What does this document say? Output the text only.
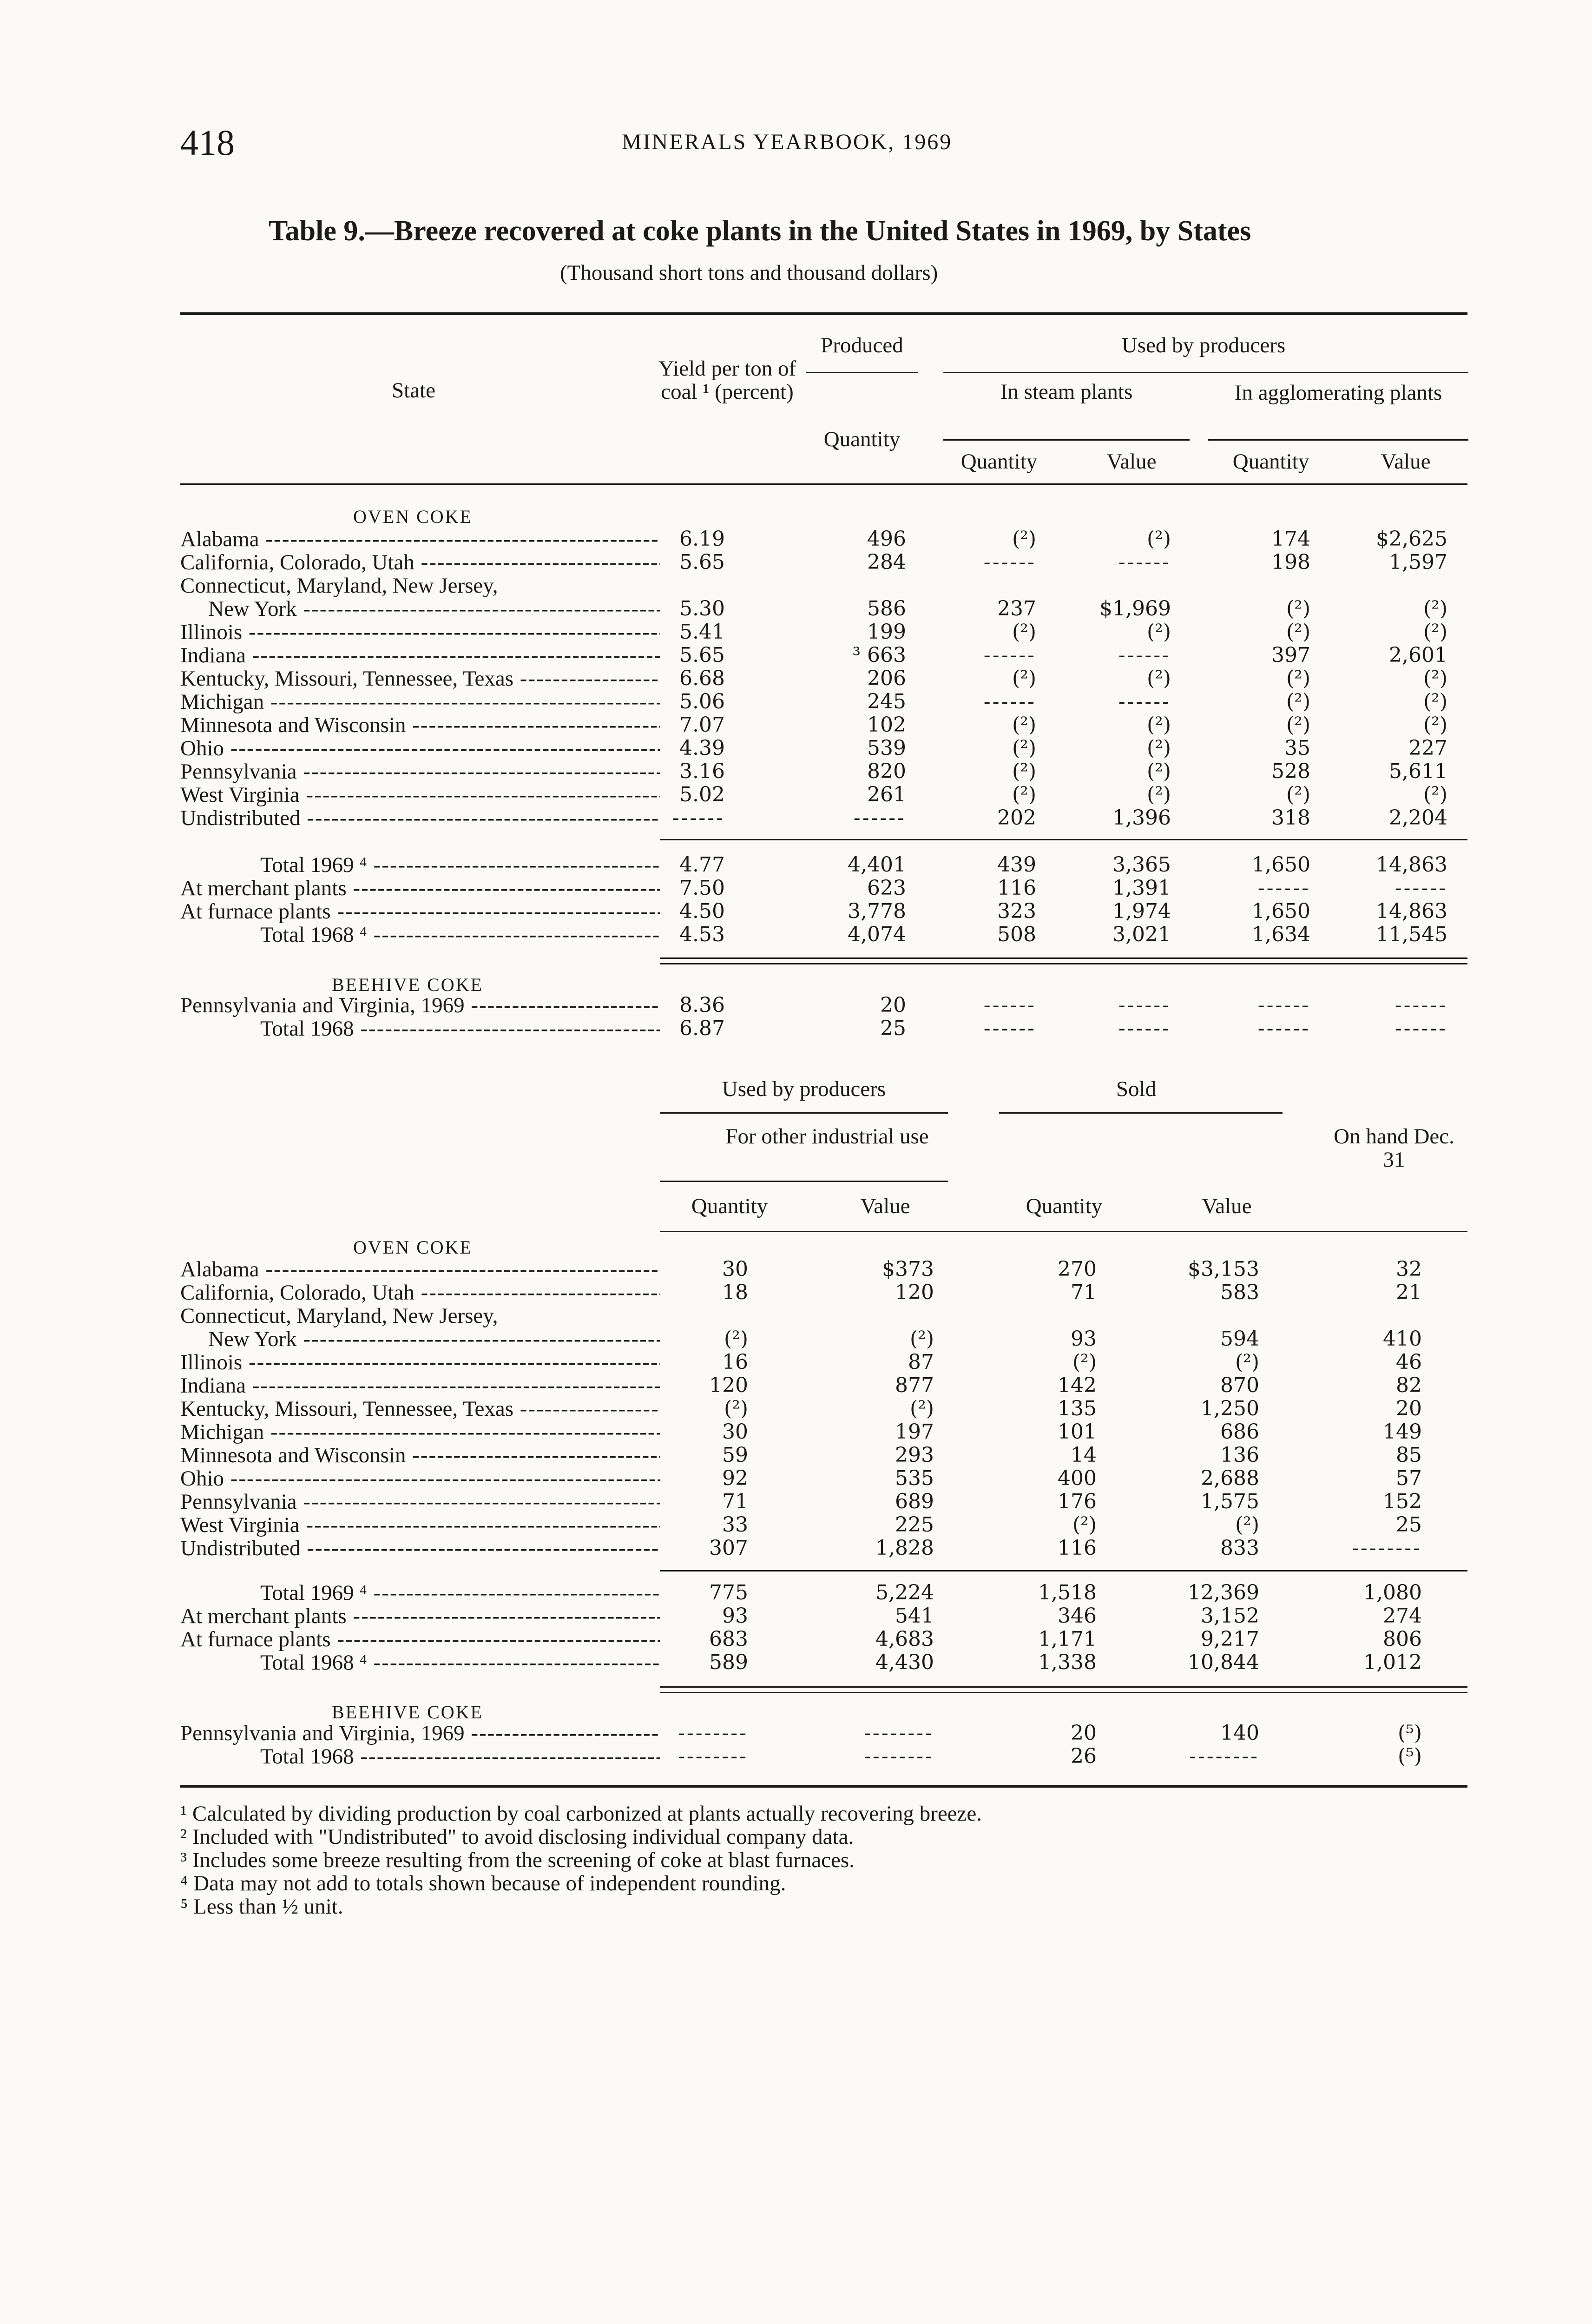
418	MINERALS YEARBOOK, 1969
Table 9.—Breeze recovered at coke plants in the United States in 1969, by States
(Thousand short tons and thousand dollars)
State
Yield per ton of coal ¹ (percent)
Produced
Quantity
Used by producers
In steam plants	In agglomerating plants
Quantity	Value	Quantity	Value
OVEN COKE
Alabama -----	6.19	496	(²)	(²)	174	$2,625
California, Colorado, Utah -----	5.65	284	------	------	198	1,597
Connecticut, Maryland, New Jersey,
New York -----	5.30	586	237	$1,969	(²)	(²)
Illinois -----	5.41	199	(²)	(²)	(²)	(²)
Indiana -----	5.65	³ 663	------	------	397	2,601
Kentucky, Missouri, Tennessee, Texas -----	6.68	206	(²)	(²)	(²)	(²)
Michigan -----	5.06	245	------	------	(²)	(²)
Minnesota and Wisconsin -----	7.07	102	(²)	(²)	(²)	(²)
Ohio -----	4.39	539	(²)	(²)	35	227
Pennsylvania -----	3.16	820	(²)	(²)	528	5,611
West Virginia -----	5.02	261	(²)	(²)	(²)	(²)
Undistributed -----	------	------	202	1,396	318	2,204
Total 1969 ⁴ -----	4.77	4,401	439	3,365	1,650	14,863
At merchant plants -----	7.50	623	116	1,391	------	------
At furnace plants -----	4.50	3,778	323	1,974	1,650	14,863
Total 1968 ⁴ -----	4.53	4,074	508	3,021	1,634	11,545
BEEHIVE COKE
Pennsylvania and Virginia, 1969 -----	8.36	20	------	------	------	------
Total 1968 -----	6.87	25	------	------	------	------
Used by producers	Sold
For other industrial use	On hand Dec. 31
Quantity	Value	Quantity	Value
OVEN COKE
Alabama -----	30	$373	270	$3,153	32
California, Colorado, Utah -----	18	120	71	583	21
Connecticut, Maryland, New Jersey,
New York -----	(²)	(²)	93	594	410
Illinois -----	16	87	(²)	(²)	46
Indiana -----	120	877	142	870	82
Kentucky, Missouri, Tennessee, Texas -----	(²)	(²)	135	1,250	20
Michigan -----	30	197	101	686	149
Minnesota and Wisconsin -----	59	293	14	136	85
Ohio -----	92	535	400	2,688	57
Pennsylvania -----	71	689	176	1,575	152
West Virginia -----	33	225	(²)	(²)	25
Undistributed -----	307	1,828	116	833	--------
Total 1969 ⁴ -----	775	5,224	1,518	12,369	1,080
At merchant plants -----	93	541	346	3,152	274
At furnace plants -----	683	4,683	1,171	9,217	806
Total 1968 ⁴ -----	589	4,430	1,338	10,844	1,012
BEEHIVE COKE
Pennsylvania and Virginia, 1969 -----	--------	--------	20	140	(⁵)
Total 1968 -----	--------	--------	26	--------	(⁵)
¹ Calculated by dividing production by coal carbonized at plants actually recovering breeze.
² Included with "Undistributed" to avoid disclosing individual company data.
³ Includes some breeze resulting from the screening of coke at blast furnaces.
⁴ Data may not add to totals shown because of independent rounding.
⁵ Less than ½ unit.
